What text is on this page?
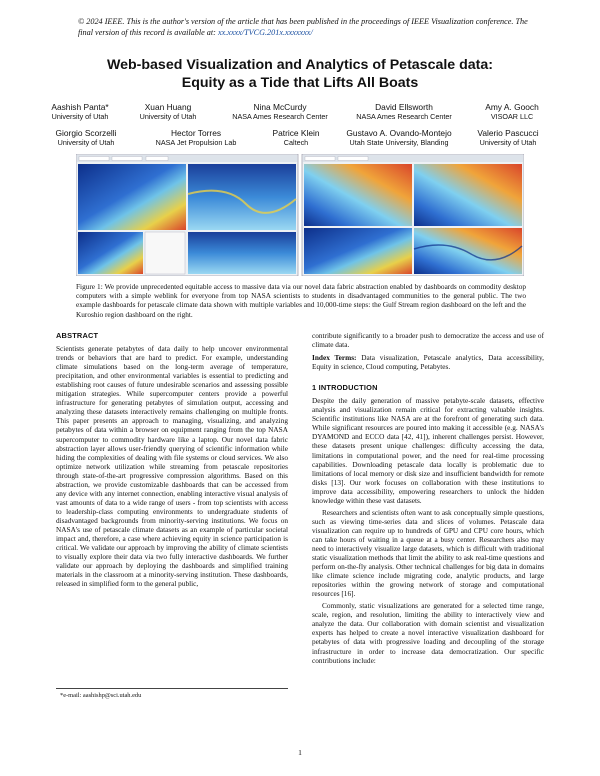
© 2024 IEEE. This is the author's version of the article that has been published in the proceedings of IEEE Visualization conference. The final version of this record is available at: xx.xxxx/TVCG.201x.xxxxxxx/
Web-based Visualization and Analytics of Petascale data:
Equity as a Tide that Lifts All Boats
Aashish Panta*
University of Utah
Xuan Huang
University of Utah
Nina McCurdy
NASA Ames Research Center
David Ellsworth
NASA Ames Research Center
Amy A. Gooch
VISOAR LLC
Giorgio Scorzelli
University of Utah
Hector Torres
NASA Jet Propulsion Lab
Patrice Klein
Caltech
Gustavo A. Ovando-Montejo
Utah State University, Blanding
Valerio Pascucci
University of Utah
Figure 1: We provide unprecedented equitable access to massive data via our novel data fabric abstraction enabled by dashboards on commodity desktop computers with a simple weblink for everyone from top NASA scientists to students in disadvantaged communities to the general public. The two example dashboards for petascale climate data shown with multiple variables and 10,000-time steps: the Gulf Stream region dashboard on the left and the Kuroshio region dashboard on the right.
ABSTRACT
Scientists generate petabytes of data daily to help uncover environmental trends or behaviors that are hard to predict. For example, understanding climate simulations based on the long-term average of temperature, precipitation, and other environmental variables is essential to predicting and establishing root causes of future undesirable scenarios and assessing possible mitigation strategies. While supercomputer centers provide a powerful infrastructure for generating petabytes of simulation output, accessing and analyzing these datasets interactively remains challenging on multiple fronts. This paper presents an approach to managing, visualizing, and analyzing petabytes of data within a browser on equipment ranging from the top NASA supercomputer to commodity hardware like a laptop. Our novel data fabric abstraction layer allows user-friendly querying of scientific information while hiding the complexities of dealing with file systems or cloud services. We also optimize network utilization while streaming from petascale repositories through state-of-the-art progressive compression algorithms. Based on this abstraction, we provide customizable dashboards that can be accessed from any device with any internet connection, enabling interactive visual analysis of vast amounts of data to a wide range of users - from top scientists with access to leadership-class computing environments to undergraduate students of disadvantaged backgrounds from minority-serving institutions. We focus on NASA's use of petascale climate datasets as an example of particular societal impact and, therefore, a case where achieving equity in science participation is critical. We validate our approach by improving the ability of climate scientists to visually explore their data via two fully interactive dashboards. We further validate our approach by deploying the dashboards and simplified training materials in the classroom at a minority-serving institution. These dashboards, released in simplified form to the general public,
contribute significantly to a broader push to democratize the access and use of climate data.
Index Terms: Data visualization, Petascale analytics, Data accessibility, Equity in science, Cloud computing, Petabytes.
1 INTRODUCTION
Despite the daily generation of massive petabyte-scale datasets, effective analysis and visualization remain critical for extracting valuable insights. Scientific institutions like NASA are at the forefront of generating such data. While significant resources are poured into making it accessible (e.g. NASA's DYAMOND and ECCO data [42, 41]), inherent challenges persist. However, these datasets present unique challenges: difficulty accessing the data, limitations in computational power, and the need for real-time processing capabilities. Downloading petascale data locally is problematic due to limitations of local memory or disk size and insufficient bandwidth for remote disks [13]. Our work focuses on collaboration with these institutions to improve data accessibility, empowering researchers to unlock the hidden knowledge within these vast datasets.
Researchers and scientists often want to ask conceptually simple questions, such as viewing time-series data and slices of volumes. Petascale data visualization can require up to hundreds of GPU and CPU core hours, which can take hours of waiting in a queue at a busy center. Researchers also may need to interactively visualize large datasets, which is difficult with traditional static visualization methods that limit the ability to ask real-time questions and perform on-the-fly analysis. Other technical challenges for big data in domains like climate science include migrating code, analytic products, and large repositories within the growing network of storage and computational resources [16].
Commonly, static visualizations are generated for a selected time range, scale, region, and resolution, limiting the ability to interactively view and analyze the data. Our collaboration with domain scientist and visualization experts has helped to create a novel interactive visualization dashboard for petabytes of data with progressive loading and decoupling of the storage infrastructure in order to increase data democratization. Our specific contributions include:
*e-mail: aashishp@sci.utah.edu
1
